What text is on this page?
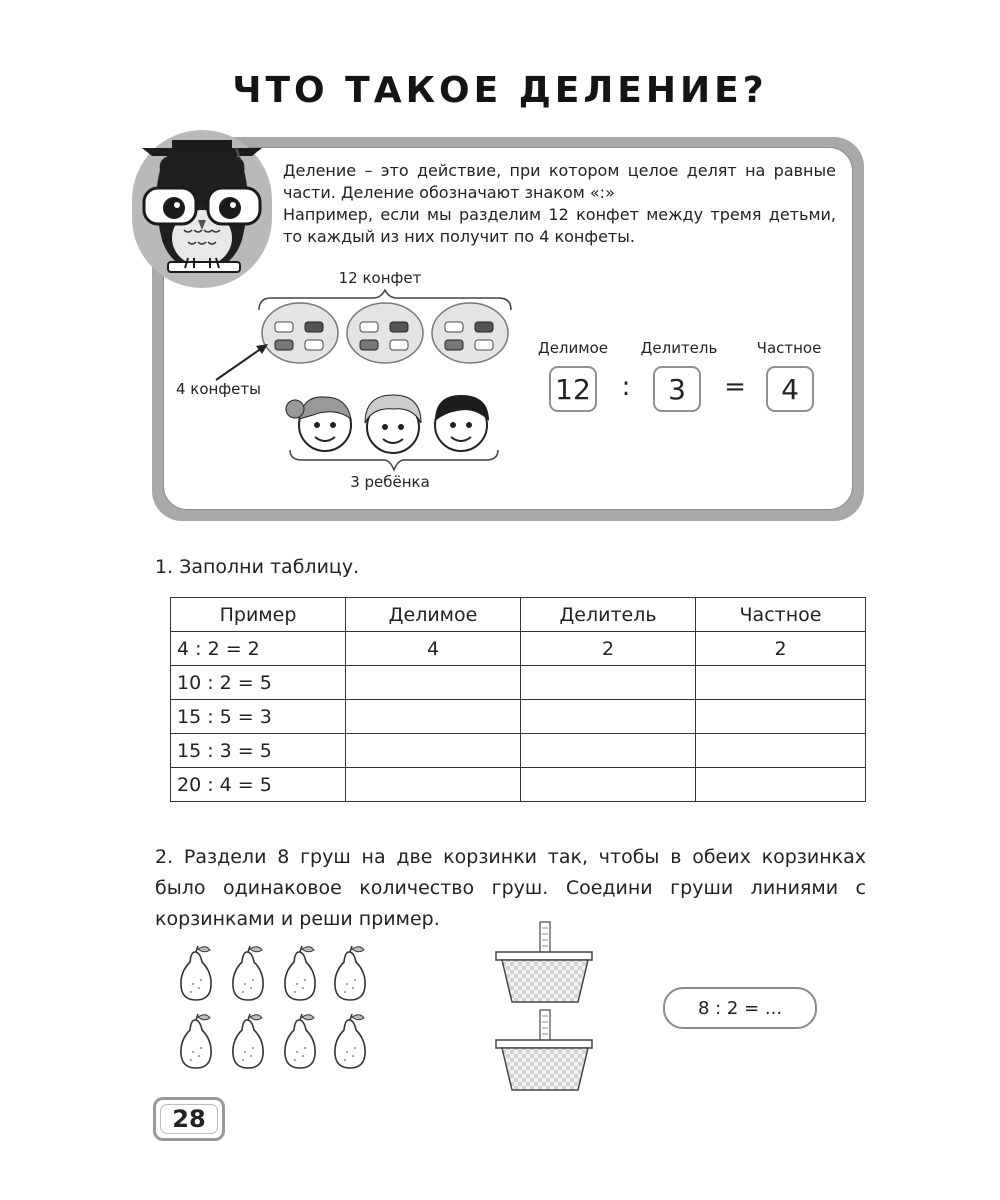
ЧТО ТАКОЕ ДЕЛЕНИЕ?

Деление – это действие, при котором целое делят на равные части. Деление обозначают знаком «:»

Например, если мы разделим 12 конфет между тремя детьми, то каждый из них получит по 4 конфеты.

12 конфет
4 конфеты
3 ребёнка
Делимое	Делитель	Частное
12 :	3	=	4
1. Заполни таблицу.
Пример	Делимое	Делитель	Частное
4 : 2 = 2	4	2	2
10 : 2 = 5			
15 : 5 = 3			
15 : 3 = 5			
20 : 4 = 5			

2. Раздели 8 груш на две корзинки так, чтобы в обеих корзинках было одинаковое количество груш. Соедини груши линиями с корзинками и реши пример.

8 : 2 = ...
28
